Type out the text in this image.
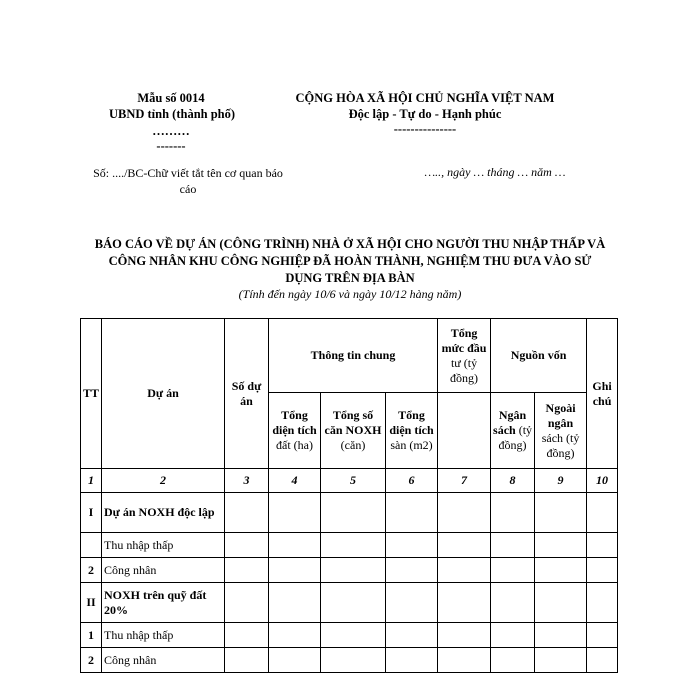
Mẫu số 0014
UBND tỉnh (thành phố)
………
-------
CỘNG HÒA XÃ HỘI CHỦ NGHĨA VIỆT NAM
Độc lập - Tự do - Hạnh phúc
---------------
Số: ..../BC-Chữ viết tắt tên cơ quan báo cáo
….., ngày … tháng … năm …
BÁO CÁO VỀ DỰ ÁN (CÔNG TRÌNH) NHÀ Ở XÃ HỘI CHO NGƯỜI THU NHẬP THẤP VÀ CÔNG NHÂN KHU CÔNG NGHIỆP ĐÃ HOÀN THÀNH, NGHIỆM THU ĐƯA VÀO SỬ DỤNG TRÊN ĐỊA BÀN
(Tính đến ngày 10/6 và ngày 10/12 hàng năm)
TT	Dự án	Số dự án	Thông tin chung			Tổng mức đầu tư (tỷ đồng)	Nguồn vốn		Ghi chú
			Tổng diện tích đất (ha)	Tổng số căn NOXH (căn)	Tổng diện tích sàn (m2)		Ngân sách (tỷ đồng)	Ngoài ngân sách (tỷ đồng)	
1	2	3	4	5	6	7	8	9	10
I	Dự án NOXH độc lập								
	Thu nhập thấp								
2	Công nhân								
II	NOXH trên quỹ đất 20%								
1	Thu nhập thấp								
2	Công nhân								
